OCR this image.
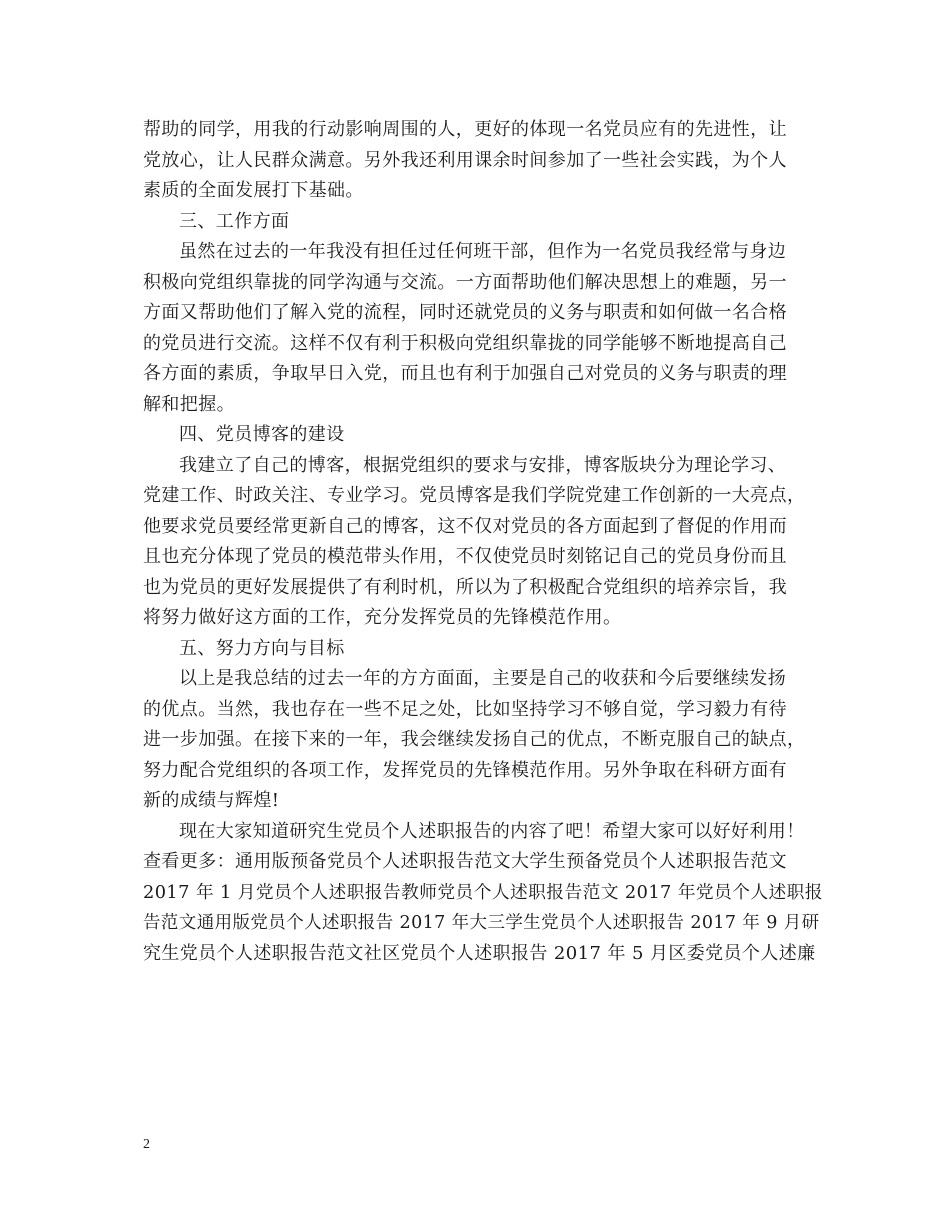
帮助的同学，用我的行动影响周围的人，更好的体现一名党员应有的先进性，让
党放心，让人民群众满意。另外我还利用课余时间参加了一些社会实践，为个人
素质的全面发展打下基础。
三、工作方面
虽然在过去的一年我没有担任过任何班干部，但作为一名党员我经常与身边
积极向党组织靠拢的同学沟通与交流。一方面帮助他们解决思想上的难题，另一
方面又帮助他们了解入党的流程，同时还就党员的义务与职责和如何做一名合格
的党员进行交流。这样不仅有利于积极向党组织靠拢的同学能够不断地提高自己
各方面的素质，争取早日入党，而且也有利于加强自己对党员的义务与职责的理
解和把握。
四、党员博客的建设
我建立了自己的博客，根据党组织的要求与安排，博客版块分为理论学习、
党建工作、时政关注、专业学习。党员博客是我们学院党建工作创新的一大亮点，
他要求党员要经常更新自己的博客，这不仅对党员的各方面起到了督促的作用而
且也充分体现了党员的模范带头作用，不仅使党员时刻铭记自己的党员身份而且
也为党员的更好发展提供了有利时机，所以为了积极配合党组织的培养宗旨，我
将努力做好这方面的工作，充分发挥党员的先锋模范作用。
五、努力方向与目标
以上是我总结的过去一年的方方面面，主要是自己的收获和今后要继续发扬
的优点。当然，我也存在一些不足之处，比如坚持学习不够自觉，学习毅力有待
进一步加强。在接下来的一年，我会继续发扬自己的优点，不断克服自己的缺点，
努力配合党组织的各项工作，发挥党员的先锋模范作用。另外争取在科研方面有
新的成绩与辉煌!
现在大家知道研究生党员个人述职报告的内容了吧！希望大家可以好好利用！
查看更多：通用版预备党员个人述职报告范文大学生预备党员个人述职报告范文
2017 年 1 月党员个人述职报告教师党员个人述职报告范文 2017 年党员个人述职报
告范文通用版党员个人述职报告 2017 年大三学生党员个人述职报告 2017 年 9 月研
究生党员个人述职报告范文社区党员个人述职报告 2017 年 5 月区委党员个人述廉
2
